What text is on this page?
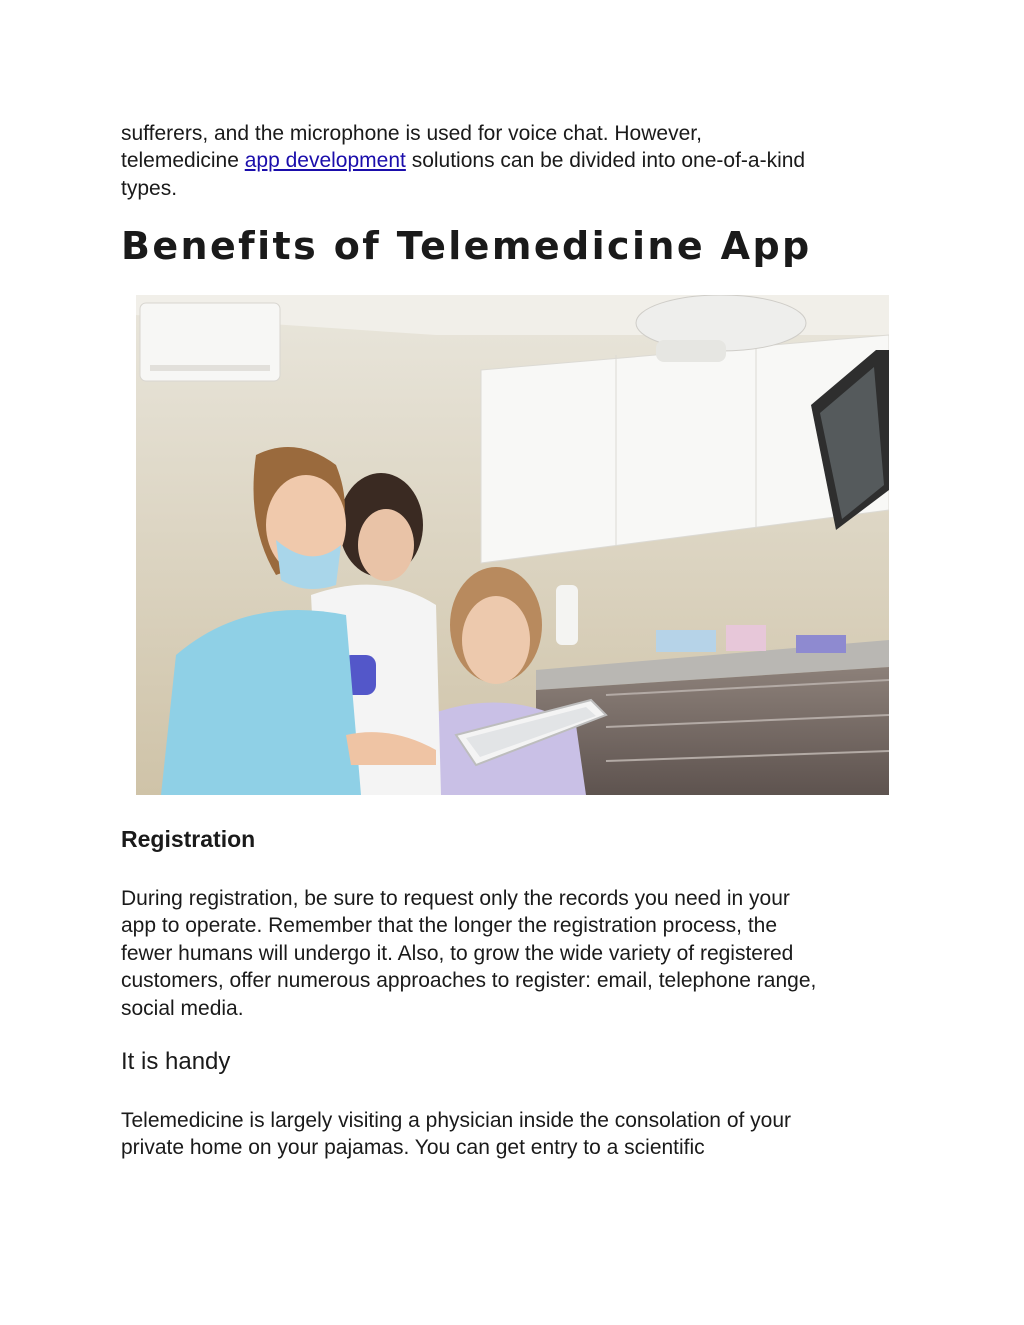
sufferers, and the microphone is used for voice chat. However,
telemedicine app development solutions can be divided into one-of-a-kind
types.

Benefits of Telemedicine App
Registration

During registration, be sure to request only the records you need in your
app to operate. Remember that the longer the registration process, the
fewer humans will undergo it. Also, to grow the wide variety of registered
customers, offer numerous approaches to register: email, telephone range,
social media.

It is handy

Telemedicine is largely visiting a physician inside the consolation of your
private home on your pajamas. You can get entry to a scientific
